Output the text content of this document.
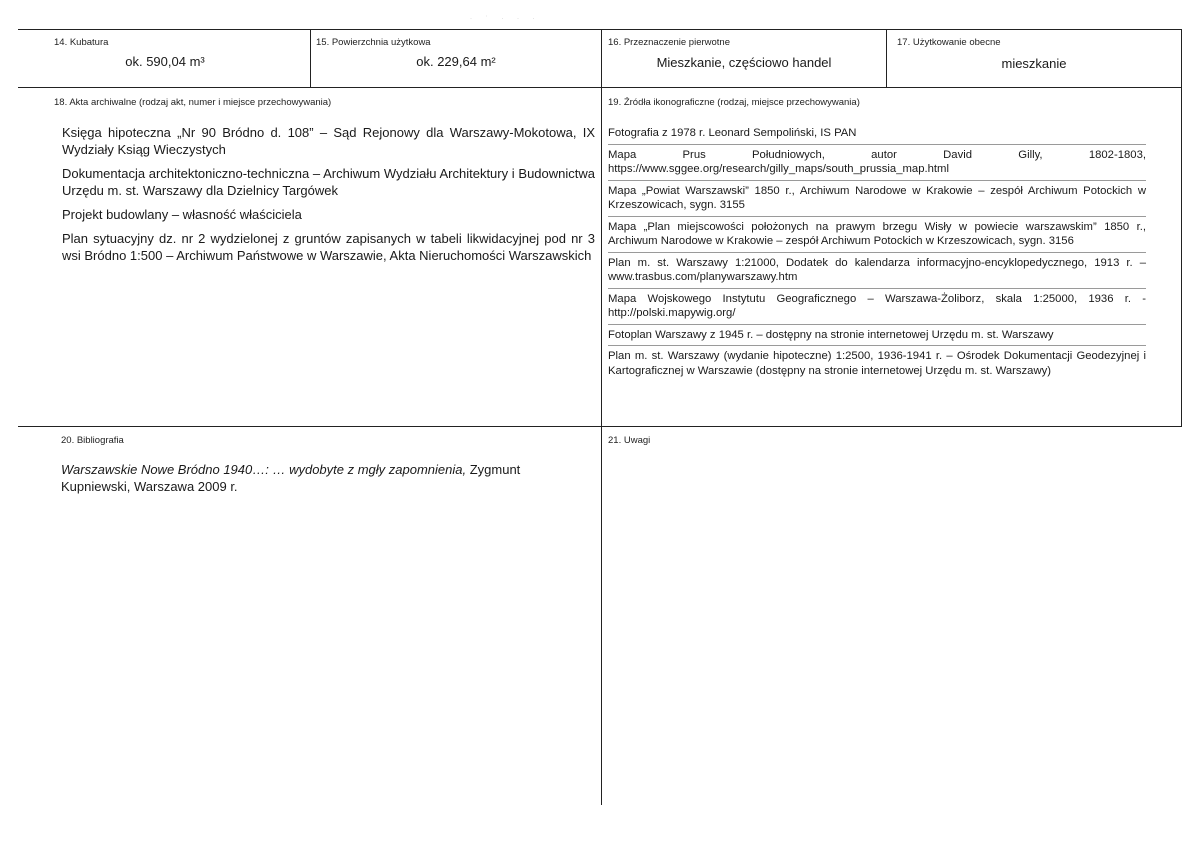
· ˈ · · ·
14. Kubatura
ok. 590,04 m³
15. Powierzchnia użytkowa
ok. 229,64 m²
16. Przeznaczenie pierwotne
Mieszkanie, częściowo handel
17. Użytkowanie obecne
mieszkanie
18. Akta archiwalne (rodzaj akt, numer i miejsce przechowywania)

Księga hipoteczna „Nr 90 Bródno d. 108” – Sąd Rejonowy dla Warszawy-Mokotowa, IX Wydziały Ksiąg Wieczystych

Dokumentacja architektoniczno-techniczna – Archiwum Wydziału Architektury i Budownictwa Urzędu m. st. Warszawy dla Dzielnicy Targówek

Projekt budowlany – własność właściciela

Plan sytuacyjny dz. nr 2 wydzielonej z gruntów zapisanych w tabeli likwidacyjnej pod nr 3 wsi Bródno 1:500 – Archiwum Państwowe w Warszawie, Akta Nieruchomości Warszawskich

19. Źródła ikonograficzne (rodzaj, miejsce przechowywania)

Fotografia z 1978 r. Leonard Sempoliński, IS PAN

Mapa Prus Południowych, autor David Gilly, 1802-1803, https://www.sggee.org/research/gilly_maps/south_prussia_map.html

Mapa „Powiat Warszawski” 1850 r., Archiwum Narodowe w Krakowie – zespół Archiwum Potockich w Krzeszowicach, sygn. 3155

Mapa „Plan miejscowości położonych na prawym brzegu Wisły w powiecie warszawskim” 1850 r., Archiwum Narodowe w Krakowie – zespół Archiwum Potockich w Krzeszowicach, sygn. 3156

Plan m. st. Warszawy 1:21000, Dodatek do kalendarza informacyjno-encyklopedycznego, 1913 r. – www.trasbus.com/planywarszawy.htm

Mapa Wojskowego Instytutu Geograficznego – Warszawa-Żoliborz, skala 1:25000, 1936 r. - http://polski.mapywig.org/

Fotoplan Warszawy z 1945 r. – dostępny na stronie internetowej Urzędu m. st. Warszawy

Plan m. st. Warszawy (wydanie hipoteczne) 1:2500, 1936-1941 r. – Ośrodek Dokumentacji Geodezyjnej i Kartograficznej w Warszawie (dostępny na stronie internetowej Urzędu m. st. Warszawy)

20. Bibliografia

Warszawskie Nowe Bródno 1940…: … wydobyte z mgły zapomnienia, Zygmunt Kupniewski, Warszawa 2009 r.

21. Uwagi
